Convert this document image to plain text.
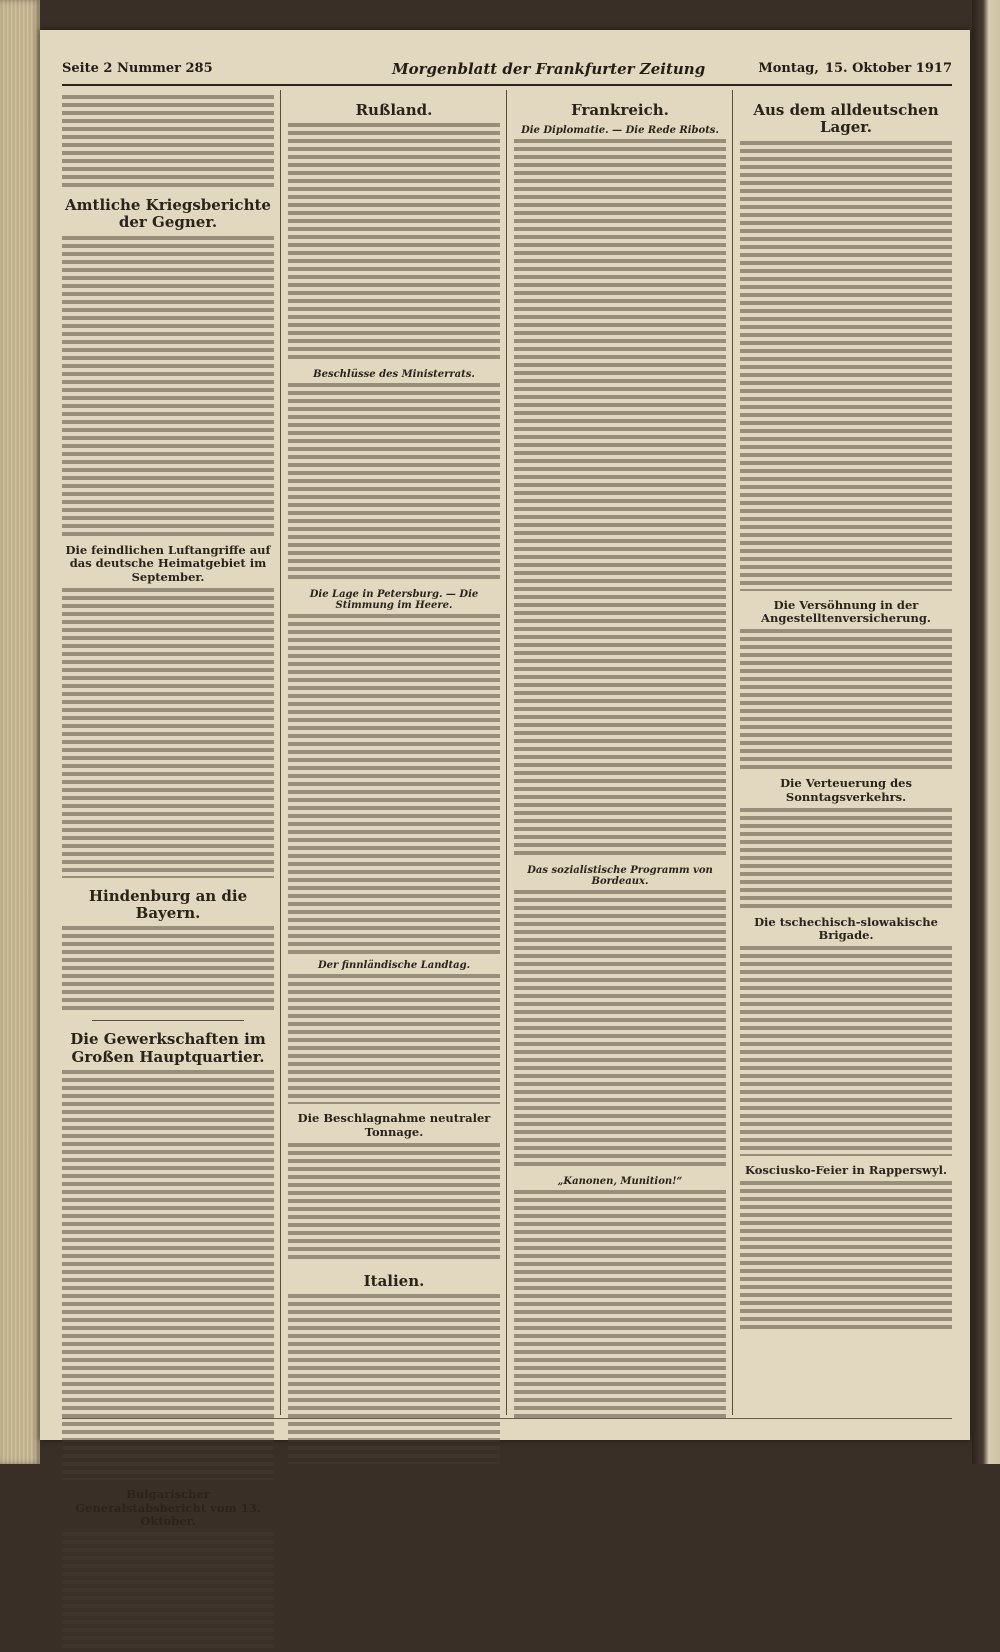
Seite 2 Nummer 285	Morgenblatt der Frankfurter Zeitung	Montag, 15. Oktober 1917
Amtliche Kriegsberichte der Gegner.
Die feindlichen Luftangriffe auf das deutsche Heimatgebiet im September.
Hindenburg an die Bayern.
Die Gewerkschaften im Großen Hauptquartier.
Bulgarischer Generalstabsbericht vom 13. Oktober.
Rußland.
Beschlüsse des Ministerrats.
Die Lage in Petersburg. — Die Stimmung im Heere.
Der finnländische Landtag.
Die Beschlagnahme neutraler Tonnage.
Italien.
Frankreich.
Die Diplomatie. — Die Rede Ribots.
Das sozialistische Programm von Bordeaux.
„Kanonen, Munition!“
Aus dem alldeutschen Lager.
Die Versöhnung in der Angestelltenversicherung.
Die Verteuerung des Sonntagsverkehrs.
Die tschechisch-slowakische Brigade.
Kosciusko-Feier in Rapperswyl.
